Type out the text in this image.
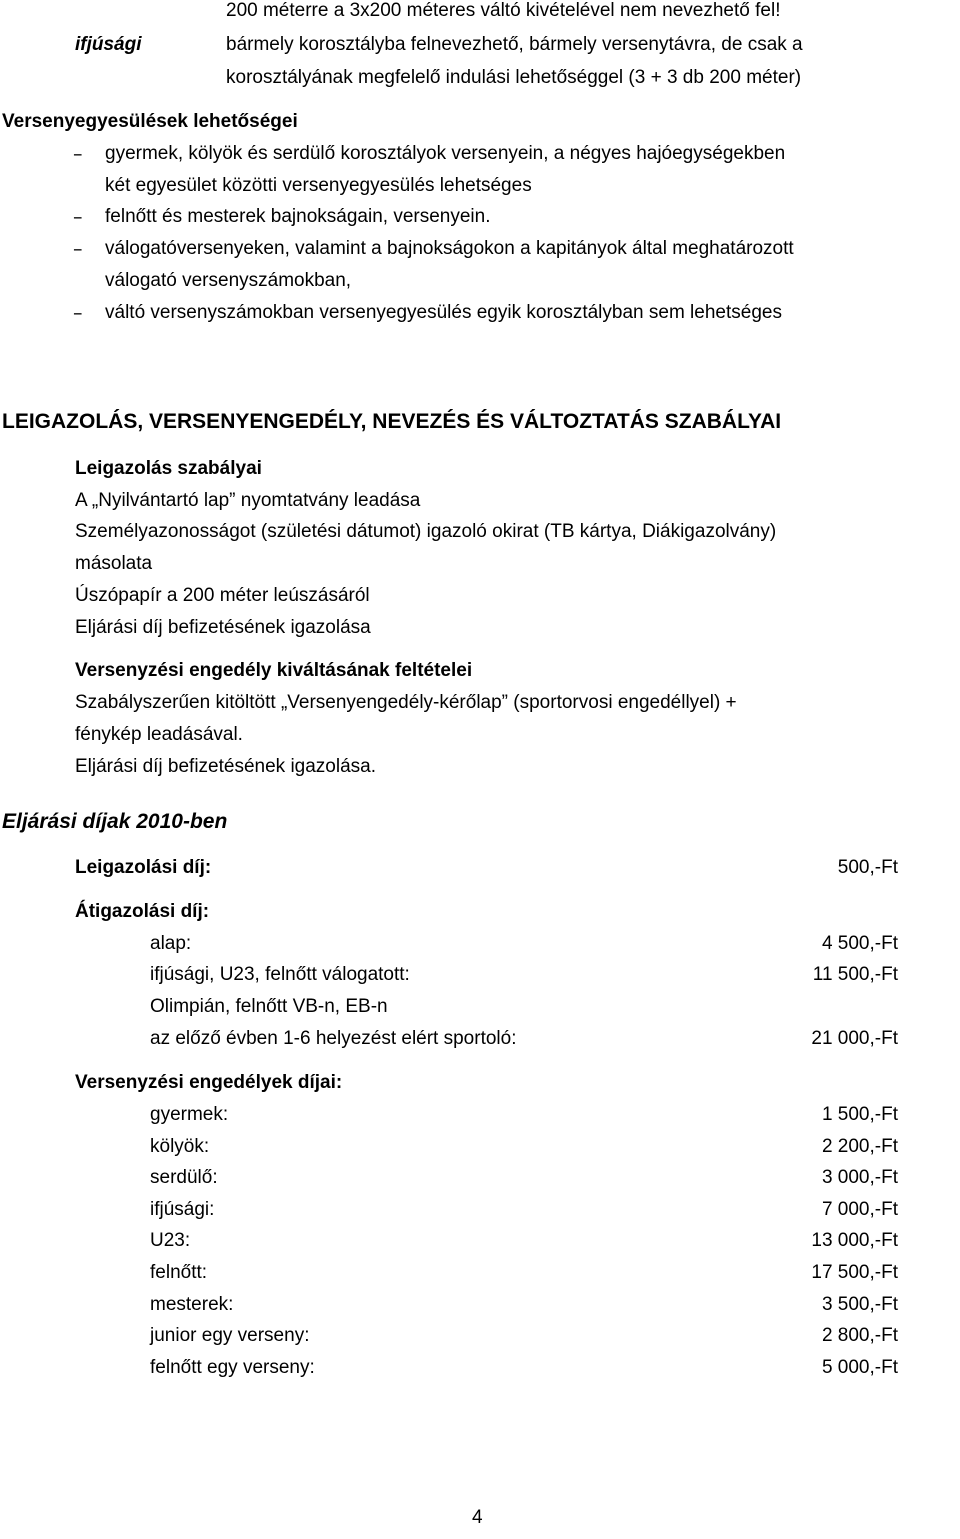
200 méterre a 3x200 méteres váltó kivételével nem nevezhető fel!
ifjúsági	bármely korosztályba felnevezhető, bármely versenytávra, de csak a
korosztályának megfelelő indulási lehetőséggel (3 + 3 db 200 méter)
Versenyegyesülések lehetőségei
– gyermek, kölyök és serdülő korosztályok versenyein, a négyes hajóegységekben
két egyesület közötti versenyegyesülés lehetséges
– felnőtt és mesterek bajnokságain, versenyein.
– válogatóversenyeken, valamint a bajnokságokon a kapitányok által meghatározott
válogató versenyszámokban,
– váltó versenyszámokban versenyegyesülés egyik korosztályban sem lehetséges
LEIGAZOLÁS, VERSENYENGEDÉLY, NEVEZÉS ÉS VÁLTOZTATÁS SZABÁLYAI
Leigazolás szabályai
A „Nyilvántartó lap” nyomtatvány leadása
Személyazonosságot (születési dátumot) igazoló okirat (TB kártya, Diákigazolvány)
másolata
Úszópapír a 200 méter leúszásáról
Eljárási díj befizetésének igazolása
Versenyzési engedély kiváltásának feltételei
Szabályszerűen kitöltött „Versenyengedély-kérőlap” (sportorvosi engedéllyel) +
fénykép leadásával.
Eljárási díj befizetésének igazolása.
Eljárási díjak 2010-ben
Leigazolási díj:	500,-Ft
Átigazolási díj:
alap:	4 500,-Ft
ifjúsági, U23, felnőtt válogatott:	11 500,-Ft
Olimpián, felnőtt VB-n, EB-n
az előző évben 1-6 helyezést elért sportoló:	21 000,-Ft
Versenyzési engedélyek díjai:
gyermek:	1 500,-Ft
kölyök:	2 200,-Ft
serdülő:	3 000,-Ft
ifjúsági:	7 000,-Ft
U23:	13 000,-Ft
felnőtt:	17 500,-Ft
mesterek:	3 500,-Ft
junior egy verseny:	2 800,-Ft
felnőtt egy verseny:	5 000,-Ft
4
